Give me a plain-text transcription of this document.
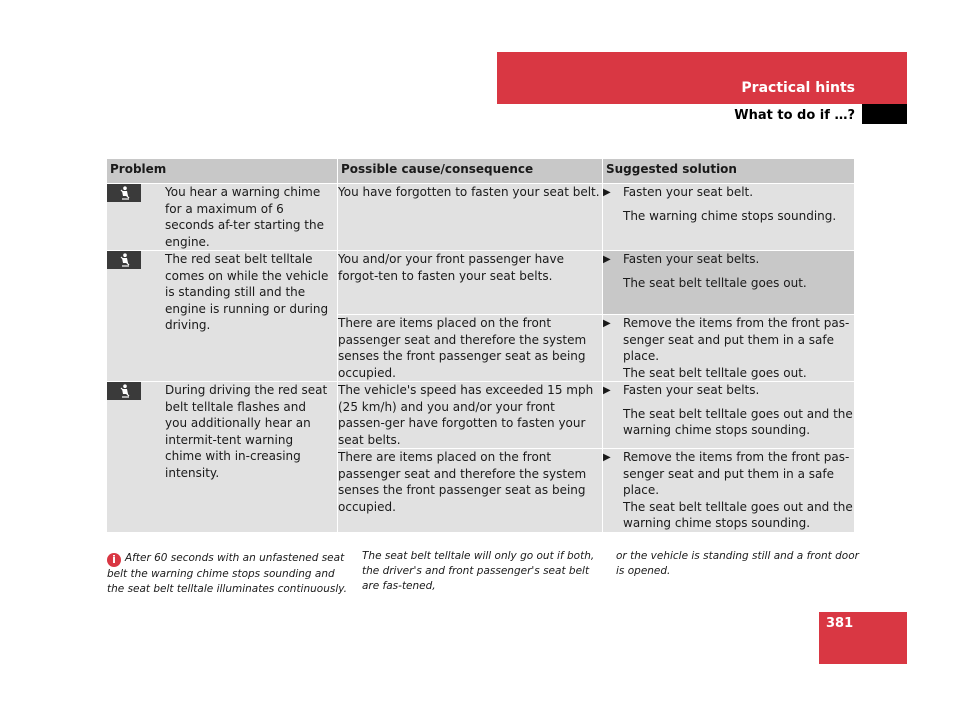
Practical hints
What to do if …?
Problem	Possible cause/consequence	Suggested solution

You hear a warning chime for a maximum of 6 seconds af-ter starting the engine.	You have forgotten to fasten your seat belt.	▶ Fasten your seat belt.
The warning chime stops sounding.

The red seat belt telltale comes on while the vehicle is standing still and the engine is running or during driving.	You and/or your front passenger have forgot-ten to fasten your seat belts.	▶ Fasten your seat belts.
The seat belt telltale goes out.

	There are items placed on the front passenger seat and therefore the system senses the front passenger seat as being occupied.	▶ Remove the items from the front pas-senger seat and put them in a safe place.
The seat belt telltale goes out.

During driving the red seat belt telltale flashes and you additionally hear an intermit-tent warning chime with in-creasing intensity.	The vehicle's speed has exceeded 15 mph (25 km/h) and you and/or your front passen-ger have forgotten to fasten your seat belts.	▶ Fasten your seat belts.
The seat belt telltale goes out and the warning chime stops sounding.

	There are items placed on the front passenger seat and therefore the system senses the front passenger seat as being occupied.	▶ Remove the items from the front pas-senger seat and put them in a safe place.
The seat belt telltale goes out and the warning chime stops sounding.
i After 60 seconds with an unfastened seat belt the warning chime stops sounding and the seat belt telltale illuminates continuously.
The seat belt telltale will only go out if both, the driver's and front passenger's seat belt are fas-tened,
or the vehicle is standing still and a front door is opened.
381
